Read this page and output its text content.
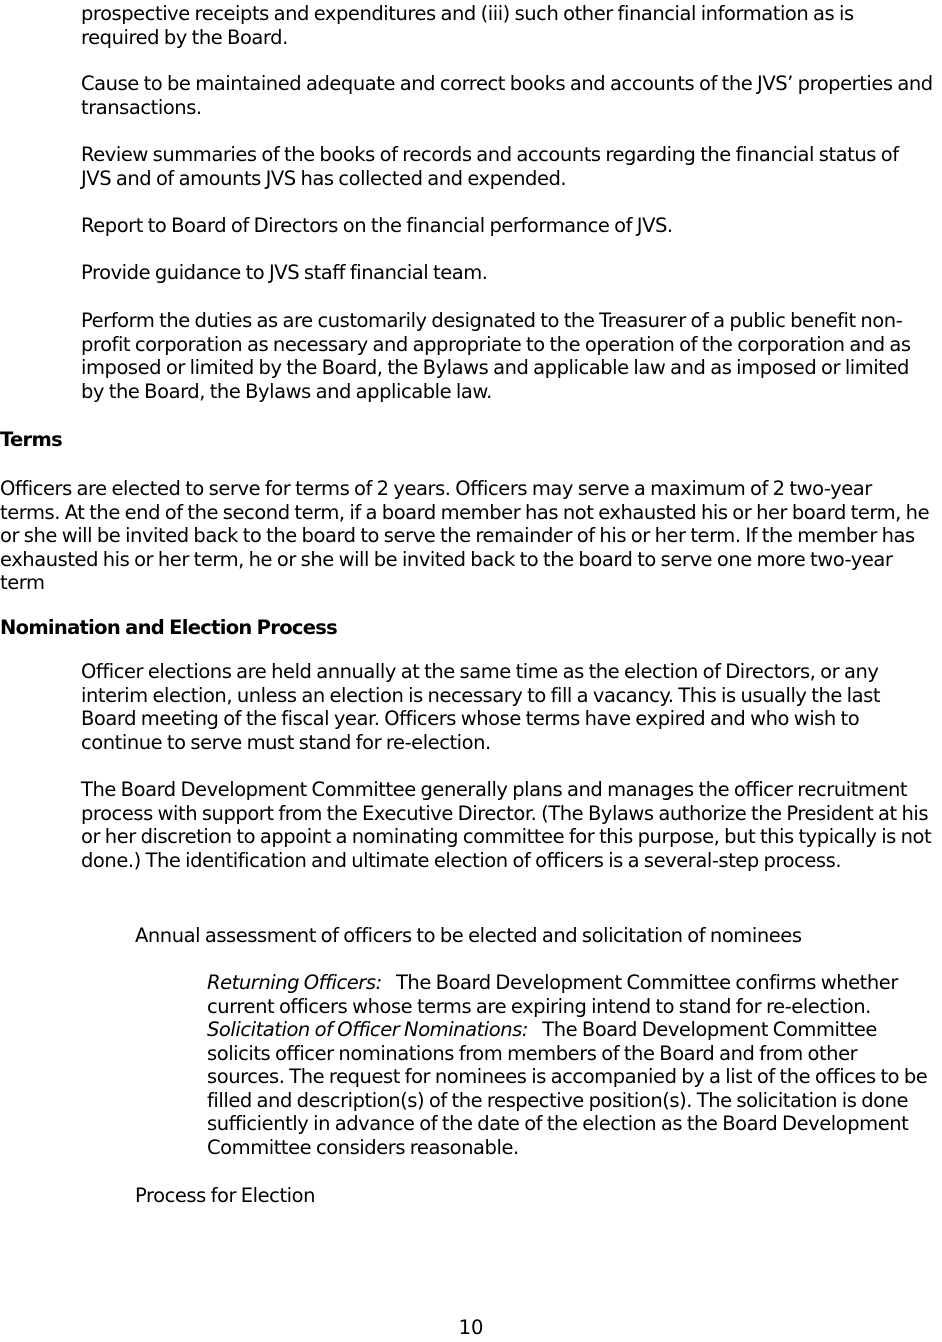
prospective receipts and expenditures and (iii) such other financial information as is required by the Board.

Cause to be maintained adequate and correct books and accounts of the JVS’ properties and transactions.

Review summaries of the books of records and accounts regarding the financial status of JVS and of amounts JVS has collected and expended.

Report to Board of Directors on the financial performance of JVS.

Provide guidance to JVS staff financial team.

Perform the duties as are customarily designated to the Treasurer of a public benefit non-profit corporation as necessary and appropriate to the operation of the corporation and as imposed or limited by the Board, the Bylaws and applicable law and as imposed or limited by the Board, the Bylaws and applicable law.

Terms

Officers are elected to serve for terms of 2 years. Officers may serve a maximum of 2 two-year terms. At the end of the second term, if a board member has not exhausted his or her board term, he or she will be invited back to the board to serve the remainder of his or her term. If the member has exhausted his or her term, he or she will be invited back to the board to serve one more two-year term

Nomination and Election Process

Officer elections are held annually at the same time as the election of Directors, or any interim election, unless an election is necessary to fill a vacancy. This is usually the last Board meeting of the fiscal year. Officers whose terms have expired and who wish to continue to serve must stand for re-election.

The Board Development Committee generally plans and manages the officer recruitment process with support from the Executive Director. (The Bylaws authorize the President at his or her discretion to appoint a nominating committee for this purpose, but this typically is not done.) The identification and ultimate election of officers is a several-step process.

Annual assessment of officers to be elected and solicitation of nominees

Returning Officers: The Board Development Committee confirms whether current officers whose terms are expiring intend to stand for re-election.

Solicitation of Officer Nominations: The Board Development Committee solicits officer nominations from members of the Board and from other sources. The request for nominees is accompanied by a list of the offices to be filled and description(s) of the respective position(s). The solicitation is done sufficiently in advance of the date of the election as the Board Development Committee considers reasonable.

Process for Election

10
